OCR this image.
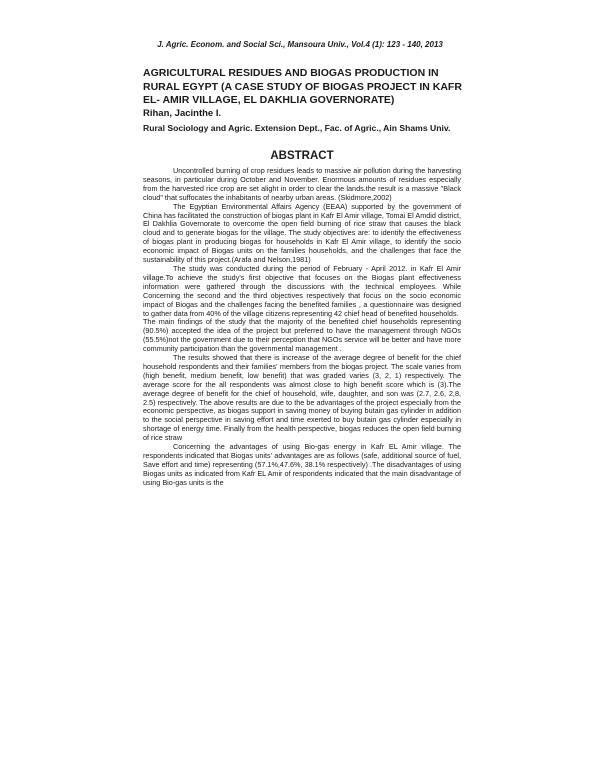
J. Agric. Econom. and Social Sci., Mansoura Univ., Vol.4 (1): 123 - 140, 2013
AGRICULTURAL RESIDUES AND BIOGAS PRODUCTION IN RURAL EGYPT (A CASE STUDY OF BIOGAS PROJECT IN KAFR EL- AMIR VILLAGE, EL DAKHLIA GOVERNORATE)

Rihan, Jacinthe I.

Rural Sociology and Agric. Extension Dept., Fac. of Agric., Ain Shams Univ.

ABSTRACT

Uncontrolled burning of crop residues leads to massive air pollution during the harvesting seasons, in particular during October and November. Enormous amounts of residues especially from the harvested rice crop are set alight in order to clear the lands.the result is a massive "Black cloud" that suffocates the inhabitants of nearby urban areas. (Skidmore,2002)

The Egyptian Environmental Affairs Agency (EEAA) supported by the government of China has facilitated the construction of biogas plant in Kafr El Amir village, Tomai El Amdid district, El Dakhlia Governorate to overcome the open field burning of rice straw that causes the black cloud and to generate biogas for the village. The study objectives are: to identify the effectiveness of biogas plant in producing biogas for households in Kafr El Amir village, to identify the socio economic impact of Biogas units on the families households, and the challenges that face the sustainability of this project.(Arafa and Nelson,1981)

The study was conducted during the period of February - April 2012. in Kafr El Amir village.To achieve the study's first objective that focuses on the Biogas plant effectiveness information were gathered through the discussions with the technical employees. While Concerning the second and the third objectives respectively that focus on the socio economic impact of Biogas and the challenges facing the benefited families , a questionnaire was designed to gather data from 40% of the village citizens representing 42 chief head of benefited households.

The main findings of the study that the majority of the benefited chief households representing (90.5%) accepted the idea of the project but preferred to have the management through NGOs (55.5%)not the government due to their perception that NGOs service will be better and have more community participation than the governmental management .

The results showed that there is increase of the average degree of benefit for the chief household respondents and their families' members from the biogas project. The scale varies from (high benefit, medium benefit, low benefit) that was graded varies (3, 2, 1) respectively. The average score for the all respondents was almost close to high benefit score which is (3).The average degree of benefit for the chief of household, wife, daughter, and son was (2.7, 2.6, 2,8, 2.5) respectively. The above results are due to the be advantages of the project especially from the economic perspective, as biogas support in saving money of buying butain gas cylinder in addition to the social perspective in saving effort and time exerted to buy butain gas cylinder especially in shortage of energy time. Finally from the health perspective, biogas reduces the open field burning of rice straw

Concerning the advantages of using Bio-gas energy in Kafr EL Amir village. The respondents indicated that Biogas units' advantages are as follows (safe, additional source of fuel, Save effort and time) representing (57.1%,47.6%, 38.1% respectively) .The disadvantages of using Biogas units as indicated from Kafr EL Amir of respondents indicated that the main disadvantage of using Bio-gas units is the
